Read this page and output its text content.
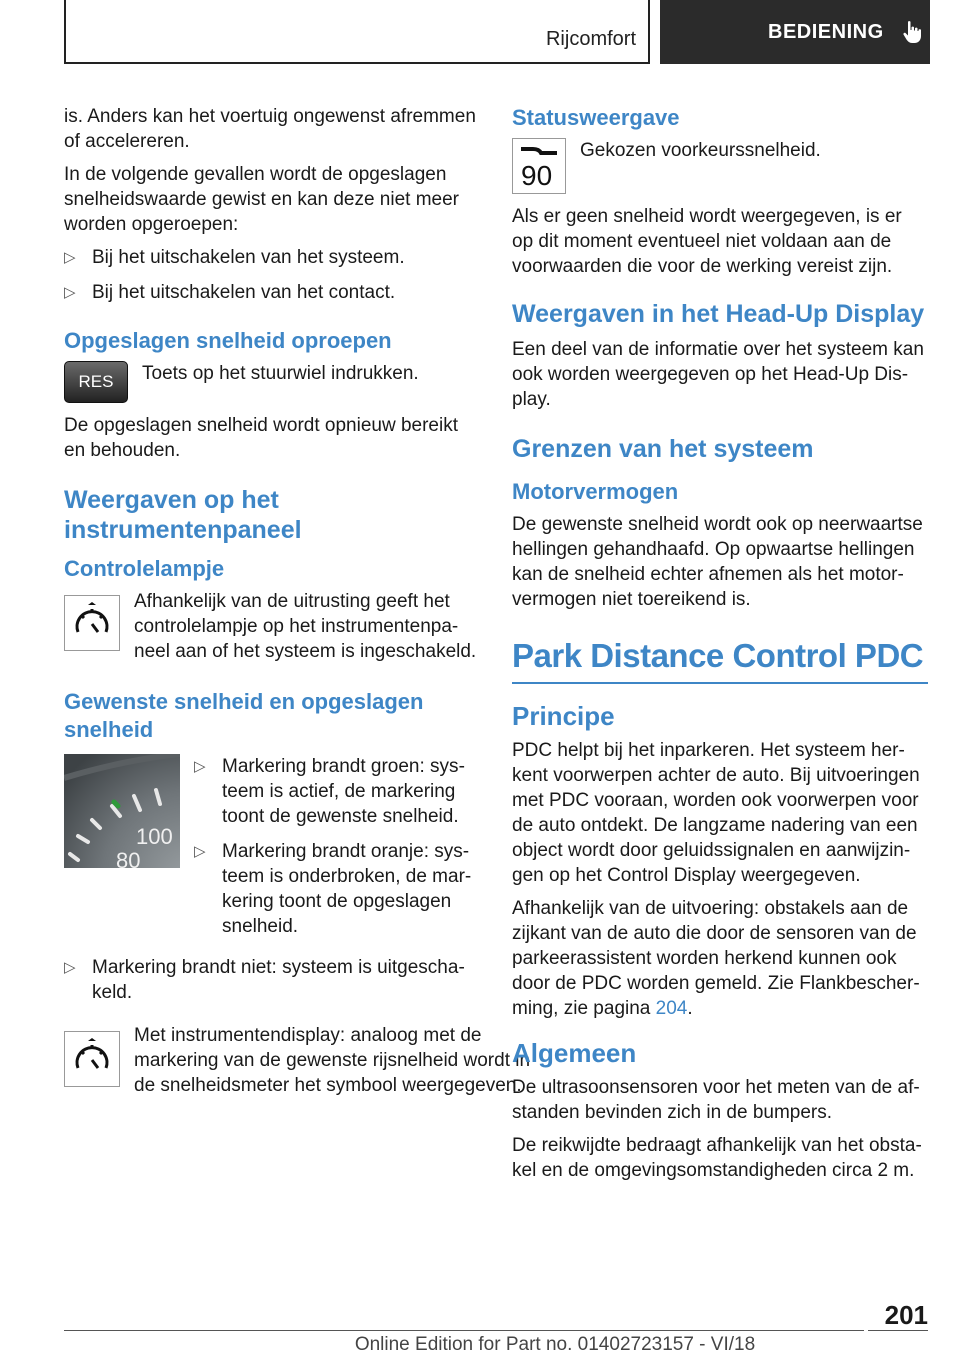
Rijcomfort	BEDIENING

is. Anders kan het voertuig ongewenst afremmen of accelereren.

In de volgende gevallen wordt de opgeslagen snelheidswaarde gewist en kan deze niet meer worden opgeroepen:

▷ Bij het uitschakelen van het systeem.
▷ Bij het uitschakelen van het contact.
Opgeslagen snelheid oproepen
RES Toets op het stuurwiel indrukken.

De opgeslagen snelheid wordt opnieuw bereikt en behouden.

Weergaven op het instrumentenpaneel
Controlelampje

Afhankelijk van de uitrusting geeft het controlelampje op het instrumentenpaneel aan of het systeem is ingeschakeld.

Gewenste snelheid en opgeslagen snelheid
100
80
▷ Markering brandt groen: systeem is actief, de markering toont de gewenste snelheid.
▷ Markering brandt oranje: systeem is onderbroken, de markering toont de opgeslagen snelheid.
▷ Markering brandt niet: systeem is uitgeschakeld.

Met instrumentendisplay: analoog met de markering van de gewenste rijsnelheid wordt in de snelheidsmeter het symbool weergegeven.

Statusweergave
90

Gekozen voorkeurssnelheid.

Als er geen snelheid wordt weergegeven, is er op dit moment eventueel niet voldaan aan de voorwaarden die voor de werking vereist zijn.

Weergaven in het Head-Up Display

Een deel van de informatie over het systeem kan ook worden weergegeven op het Head-Up Display.

Grenzen van het systeem
Motorvermogen

De gewenste snelheid wordt ook op neerwaartse hellingen gehandhaafd. Op opwaartse hellingen kan de snelheid echter afnemen als het motorvermogen niet toereikend is.

Park Distance Control PDC
Principe

PDC helpt bij het inparkeren. Het systeem herkent voorwerpen achter de auto. Bij uitvoeringen met PDC vooraan, worden ook voorwerpen voor de auto ontdekt. De langzame nadering van een object wordt door geluidssignalen en aanwijzingen op het Control Display weergegeven.

Afhankelijk van de uitvoering: obstakels aan de zijkant van de auto die door de sensoren van de parkeerassistent worden herkend kunnen ook door de PDC worden gemeld. Zie Flankbescherming, zie pagina 204.

Algemeen

De ultrasoonsensoren voor het meten van de afstanden bevinden zich in de bumpers.

De reikwijdte bedraagt afhankelijk van het obstakel en de omgevingsomstandigheden circa 2 m.

201
Online Edition for Part no. 01402723157 - VI/18
